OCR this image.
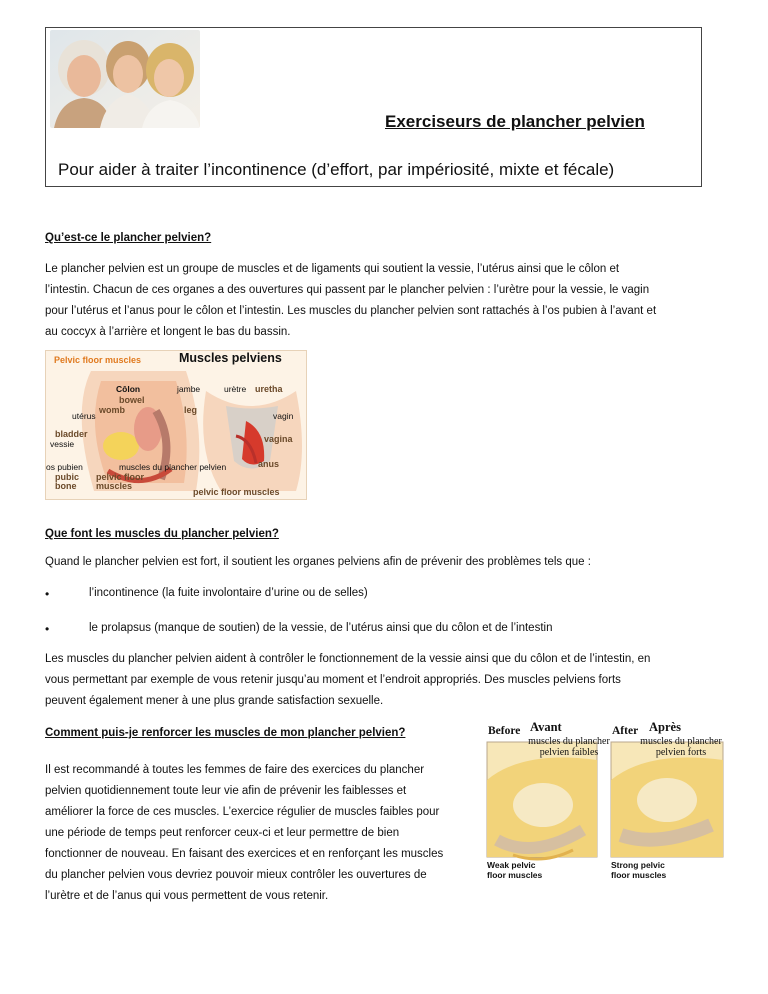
Exerciseurs de plancher pelvien
Pour aider à traiter l’incontinence (d’effort, par impériosité, mixte et fécale)
Qu’est-ce le plancher pelvien?
Le plancher pelvien est un groupe de muscles et de ligaments qui soutient la vessie, l’utérus ainsi que le côlon et
l’intestin. Chacun de ces organes a des ouvertures qui passent par le plancher pelvien : l’urètre pour la vessie, le vagin
pour l’utérus et l’anus pour le côlon et l’intestin. Les muscles du plancher pelvien sont rattachés à l’os pubien à l’avant et
au coccyx à l’arrière et longent le bas du bassin.
Pelvic floor muscles	Muscles pelviens
Côlon
bowel
womb
utérus
bladder
vessie
os pubien
pubic bone
pelvic floor muscles
jambe
leg
urètre uretha
vagin
vagina
anus
muscles du plancher pelvien
pelvic floor muscles
Que font les muscles du plancher pelvien?
Quand le plancher pelvien est fort, il soutient les organes pelviens afin de prévenir des problèmes tels que :
•	l’incontinence (la fuite involontaire d’urine ou de selles)
•	le prolapsus (manque de soutien) de la vessie, de l’utérus ainsi que du côlon et de l’intestin
Les muscles du plancher pelvien aident à contrôler le fonctionnement de la vessie ainsi que du côlon et de l’intestin, en
vous permettant par exemple de vous retenir jusqu’au moment et l’endroit appropriés. Des muscles pelviens forts
peuvent également mener à une plus grande satisfaction sexuelle.
Comment puis-je renforcer les muscles de mon plancher pelvien?
Il est recommandé à toutes les femmes de faire des exercices du plancher
pelvien quotidiennement toute leur vie afin de prévenir les faiblesses et
améliorer la force de ces muscles. L’exercice régulier de muscles faibles pour
une période de temps peut renforcer ceux-ci et leur permettre de bien
fonctionner de nouveau. En faisant des exercices et en renforçant les muscles
du plancher pelvien vous devriez pouvoir mieux contrôler les ouvertures de
l’urètre et de l’anus qui vous permettent de vous retenir.
Before Avant	After Après
muscles du plancher pelvien faibles
muscles du plancher pelvien forts
Weak pelvic floor muscles
Strong pelvic floor muscles
